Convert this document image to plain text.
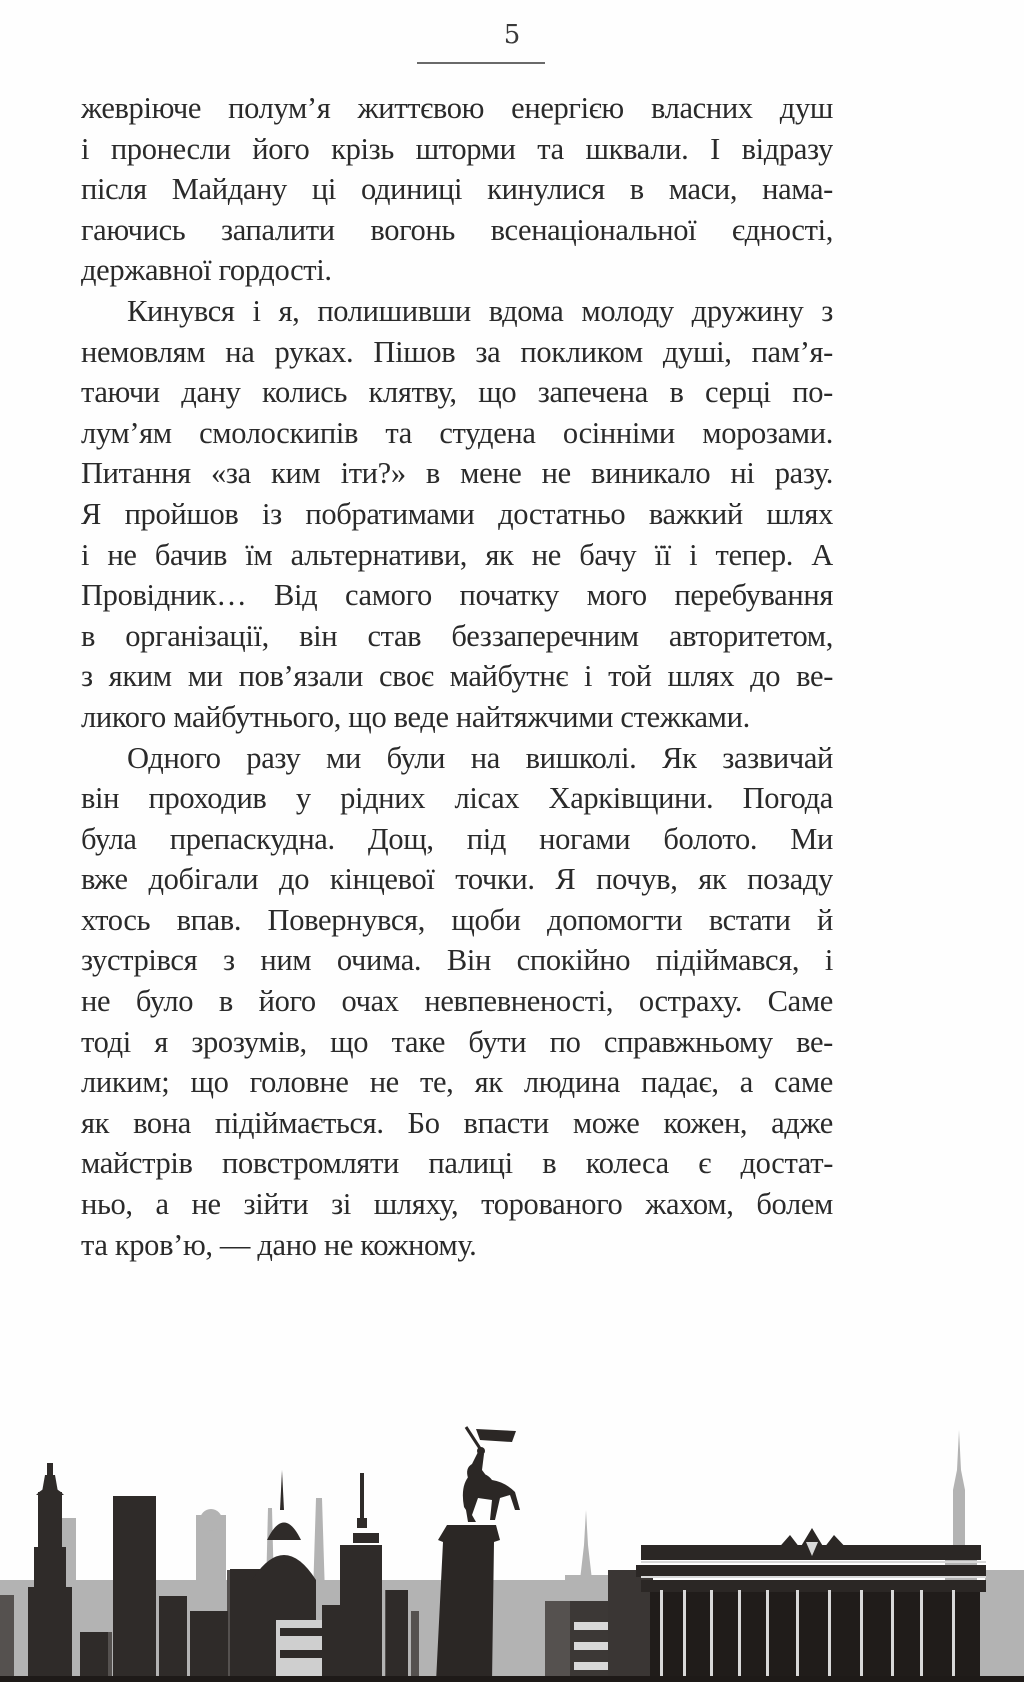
5

жевріюче полум’я життєвою енергією власних душ
і пронесли його крізь шторми та шквали. І відразу
після Майдану ці одиниці кинулися в маси, нама-
гаючись запалити вогонь всенаціональної єдності,
державної гордості.

Кинувся і я, полишивши вдома молоду дружину з
немовлям на руках. Пішов за покликом душі, пам’я-
таючи дану колись клятву, що запечена в серці по-
лум’ям смолоскипів та студена осінніми морозами.
Питання «за ким іти?» в мене не виникало ні разу.
Я пройшов із побратимами достатньо важкий шлях
і не бачив їм альтернативи, як не бачу її і тепер. А
Провідник… Від самого початку мого перебування
в організації, він став беззаперечним авторитетом,
з яким ми пов’язали своє майбутнє і той шлях до ве-
ликого майбутнього, що веде найтяжчими стежками.

Одного разу ми були на вишколі. Як зазвичай
він проходив у рідних лісах Харківщини. Погода
була препаскудна. Дощ, під ногами болото. Ми
вже добігали до кінцевої точки. Я почув, як позаду
хтось впав. Повернувся, щоби допомогти встати й
зустрівся з ним очима. Він спокійно підіймався, і
не було в його очах невпевненості, остраху. Саме
тоді я зрозумів, що таке бути по справжньому ве-
ликим; що головне не те, як людина падає, а саме
як вона підіймається. Бо впасти може кожен, адже
майстрів повстромляти палиці в колеса є достат-
ньо, а не зійти зі шляху, торованого жахом, болем
та кров’ю, — дано не кожному.
